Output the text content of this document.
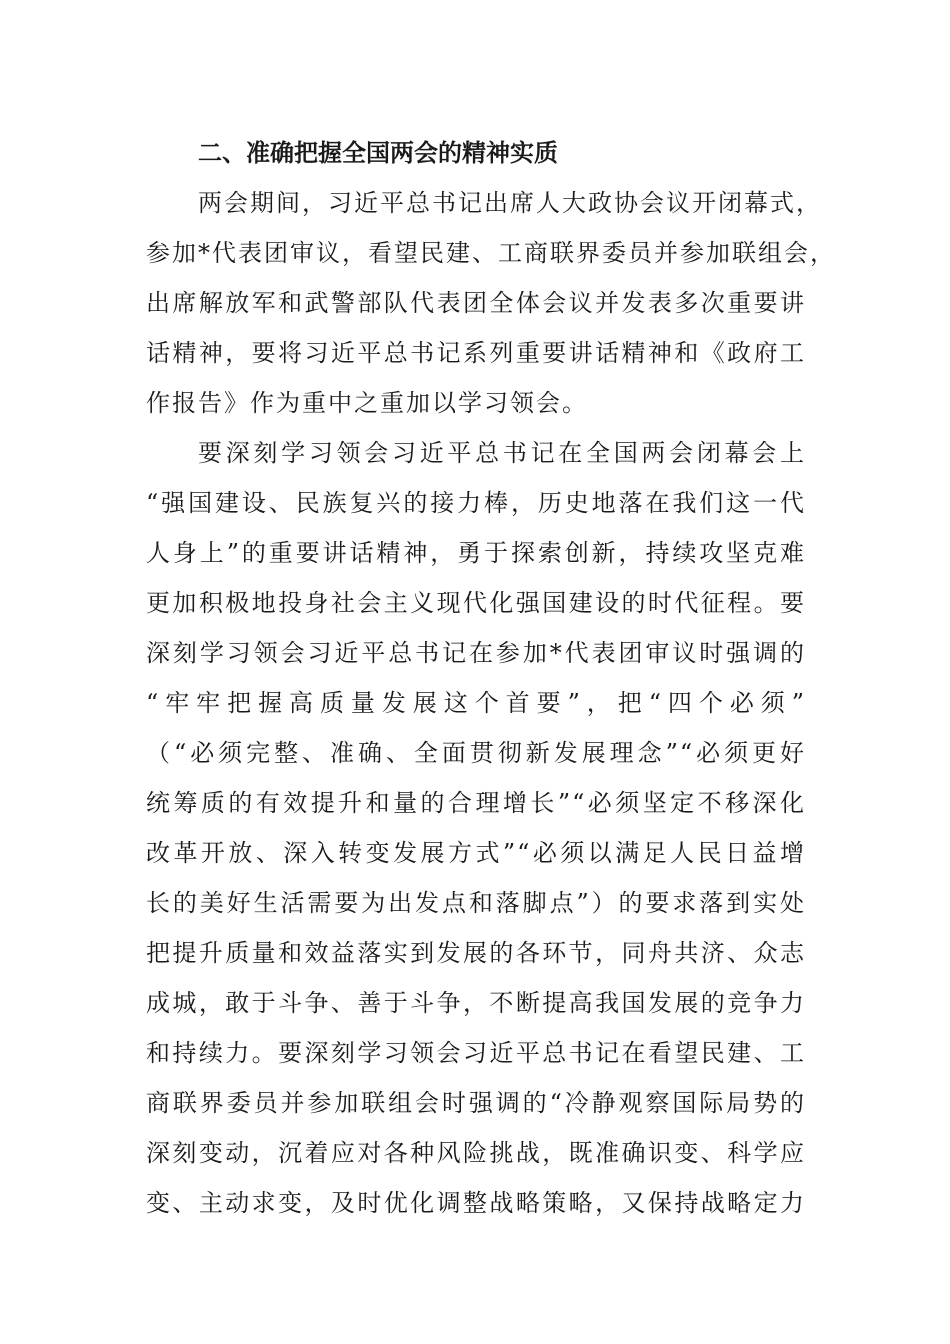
二、准确把握全国两会的精神实质

两会期间，习近平总书记出席人大政协会议开闭幕式，
参加*代表团审议，看望民建、工商联界委员并参加联组会，
出席解放军和武警部队代表团全体会议并发表多次重要讲
话精神，要将习近平总书记系列重要讲话精神和《政府工
作报告》作为重中之重加以学习领会。

要深刻学习领会习近平总书记在全国两会闭幕会上
“强国建设、民族复兴的接力棒，历史地落在我们这一代
人身上”的重要讲话精神，勇于探索创新，持续攻坚克难
更加积极地投身社会主义现代化强国建设的时代征程。要
深刻学习领会习近平总书记在参加*代表团审议时强调的
“牢牢把握高质量发展这个首要”，把“四个必须”
（“必须完整、准确、全面贯彻新发展理念”“必须更好
统筹质的有效提升和量的合理增长”“必须坚定不移深化
改革开放、深入转变发展方式”“必须以满足人民日益增
长的美好生活需要为出发点和落脚点”）的要求落到实处
把提升质量和效益落实到发展的各环节，同舟共济、众志
成城，敢于斗争、善于斗争，不断提高我国发展的竞争力
和持续力。要深刻学习领会习近平总书记在看望民建、工
商联界委员并参加联组会时强调的“冷静观察国际局势的
深刻变动，沉着应对各种风险挑战，既准确识变、科学应
变、主动求变，及时优化调整战略策略，又保持战略定力
